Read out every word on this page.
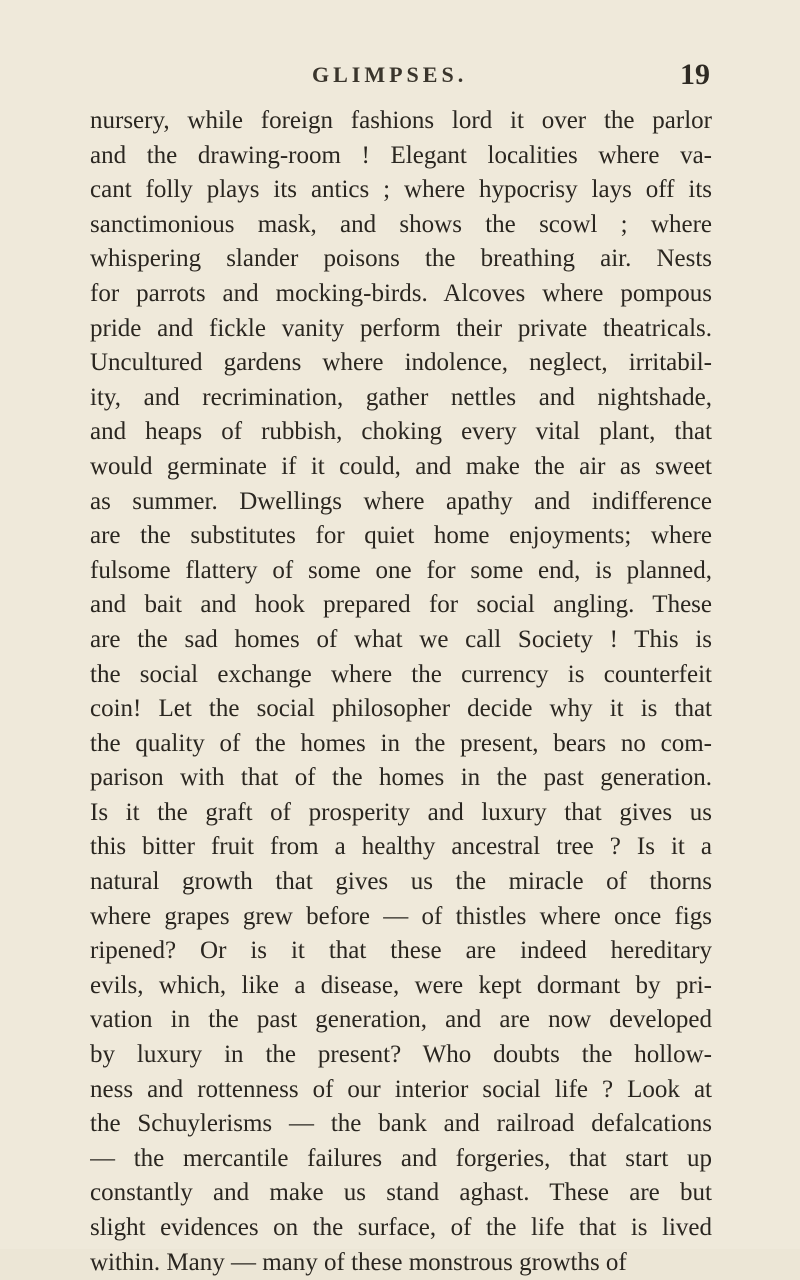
GLIMPSES.	19
nursery, while foreign fashions lord it over the parlor
and the drawing-room ! Elegant localities where va-
cant folly plays its antics ; where hypocrisy lays off its
sanctimonious mask, and shows the scowl ; where
whispering slander poisons the breathing air. Nests
for parrots and mocking-birds. Alcoves where pompous
pride and fickle vanity perform their private theatricals.
Uncultured gardens where indolence, neglect, irritabil-
ity, and recrimination, gather nettles and nightshade,
and heaps of rubbish, choking every vital plant, that
would germinate if it could, and make the air as sweet
as summer. Dwellings where apathy and indifference
are the substitutes for quiet home enjoyments; where
fulsome flattery of some one for some end, is planned,
and bait and hook prepared for social angling. These
are the sad homes of what we call Society ! This is
the social exchange where the currency is counterfeit
coin! Let the social philosopher decide why it is that
the quality of the homes in the present, bears no com-
parison with that of the homes in the past generation.
Is it the graft of prosperity and luxury that gives us
this bitter fruit from a healthy ancestral tree ? Is it a
natural growth that gives us the miracle of thorns
where grapes grew before — of thistles where once figs
ripened? Or is it that these are indeed hereditary
evils, which, like a disease, were kept dormant by pri-
vation in the past generation, and are now developed
by luxury in the present? Who doubts the hollow-
ness and rottenness of our interior social life ? Look at
the Schuylerisms — the bank and railroad defalcations
— the mercantile failures and forgeries, that start up
constantly and make us stand aghast. These are but
slight evidences on the surface, of the life that is lived
within. Many — many of these monstrous growths of
